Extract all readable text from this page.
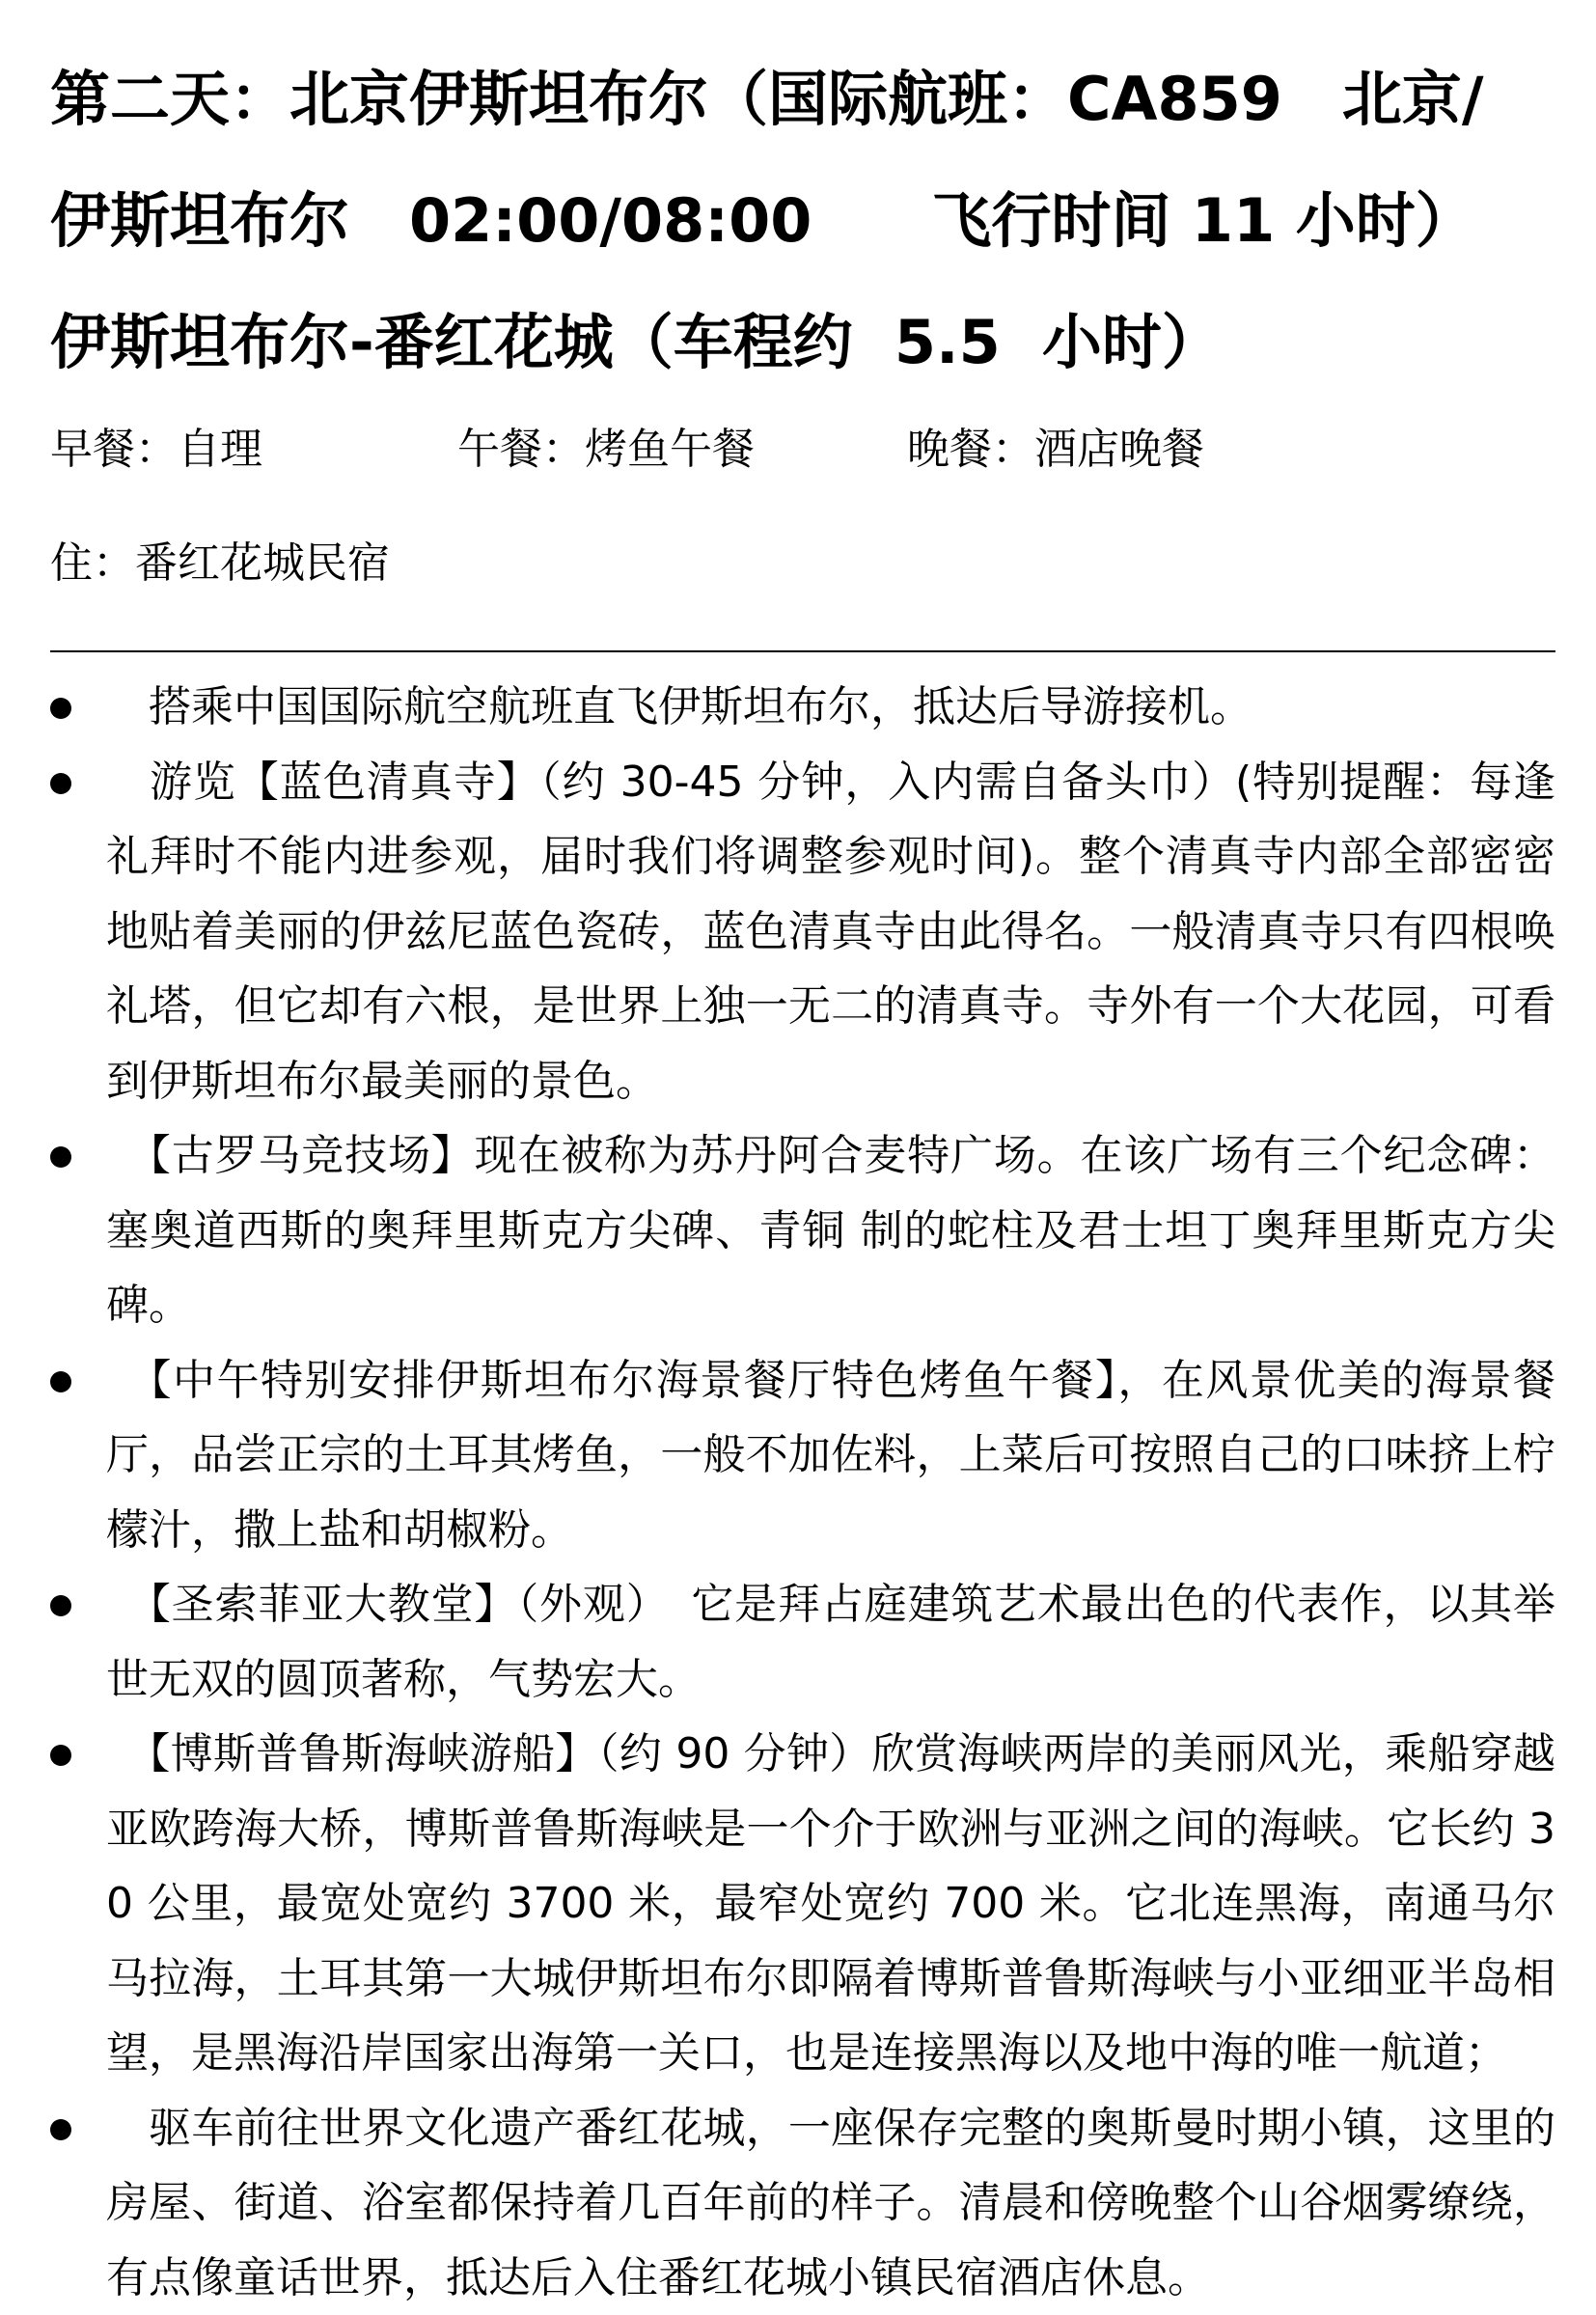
第二天：北京伊斯坦布尔（国际航班：CA859　北京/
伊斯坦布尔　02:00/08:00　　飞行时间 11 小时）
伊斯坦布尔-番红花城（车程约  5.5  小时）
早餐：自理	午餐：烤鱼午餐	晚餐：酒店晚餐
住：番红花城民宿
　搭乘中国国际航空航班直飞伊斯坦布尔，抵达后导游接机。
　游览【蓝色清真寺】（约 30-45 分钟，入内需自备头巾）(特别提醒：每逢礼拜时不能内进参观，届时我们将调整参观时间)。整个清真寺内部全部密密地贴着美丽的伊兹尼蓝色瓷砖，蓝色清真寺由此得名。一般清真寺只有四根唤礼塔，但它却有六根，是世界上独一无二的清真寺。寺外有一个大花园，可看到伊斯坦布尔最美丽的景色。
　【古罗马竞技场】现在被称为苏丹阿合麦特广场。在该广场有三个纪念碑：塞奥道西斯的奥拜里斯克方尖碑、青铜 制的蛇柱及君士坦丁奥拜里斯克方尖碑。
　【中午特别安排伊斯坦布尔海景餐厅特色烤鱼午餐】，在风景优美的海景餐厅，品尝正宗的土耳其烤鱼，一般不加佐料，上菜后可按照自己的口味挤上柠檬汁，撒上盐和胡椒粉。
　【圣索菲亚大教堂】（外观）　它是拜占庭建筑艺术最出色的代表作，以其举世无双的圆顶著称，气势宏大。
　【博斯普鲁斯海峡游船】（约 90 分钟）欣赏海峡两岸的美丽风光，乘船穿越亚欧跨海大桥，博斯普鲁斯海峡是一个介于欧洲与亚洲之间的海峡。它长约 30 公里，最宽处宽约 3700 米，最窄处宽约 700 米。它北连黑海，南通马尔马拉海，土耳其第一大城伊斯坦布尔即隔着博斯普鲁斯海峡与小亚细亚半岛相望，是黑海沿岸国家出海第一关口，也是连接黑海以及地中海的唯一航道；
　驱车前往世界文化遗产番红花城，一座保存完整的奥斯曼时期小镇，这里的房屋、街道、浴室都保持着几百年前的样子。清晨和傍晚整个山谷烟雾缭绕，有点像童话世界，抵达后入住番红花城小镇民宿酒店休息。
